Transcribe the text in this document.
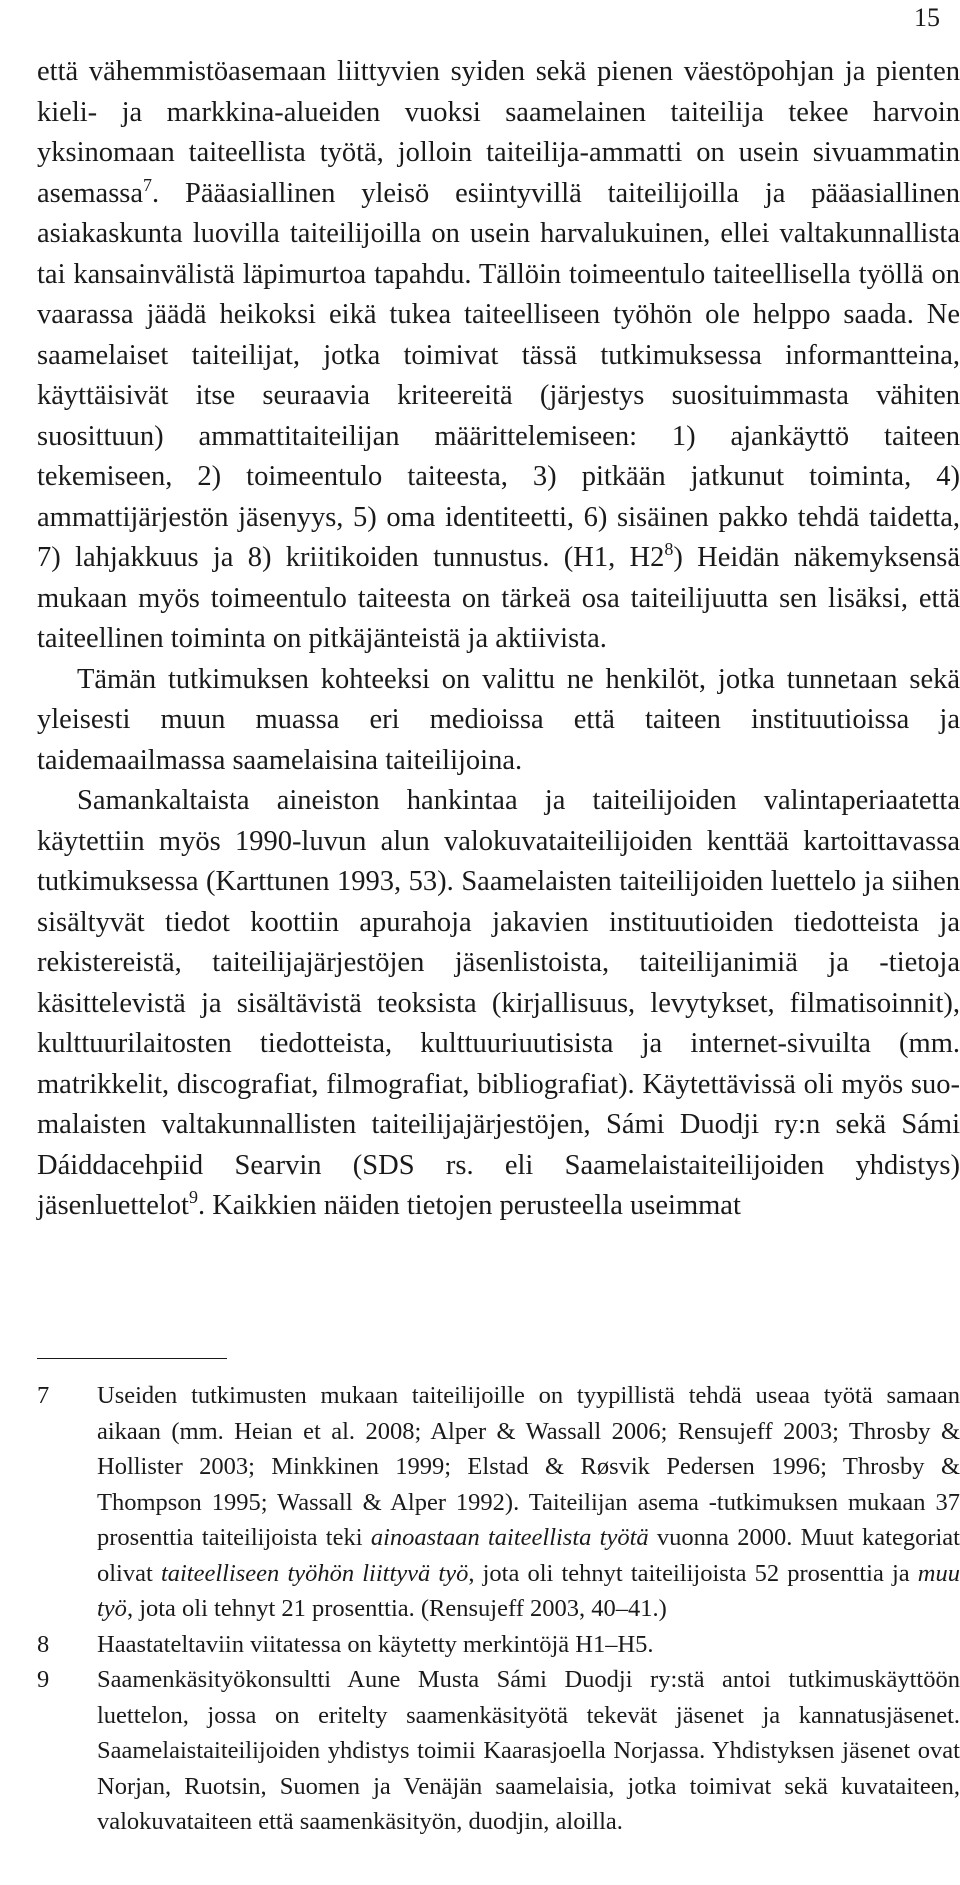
15

että vähemmistöasemaan liittyvien syiden sekä pienen väestöpohjan ja pienten kieli- ja markkina-alueiden vuoksi saamelainen taiteilija tekee harvoin yksinomaan taiteellista työtä, jolloin taiteilija-ammatti on usein sivuammatin asemassa$^7$. Pääasiallinen yleisö esiintyvillä taiteilijoilla ja pääasiallinen asiakaskunta luovilla taiteilijoilla on usein harvalukuinen, ellei valtakunnallista tai kansainvälistä läpimurtoa tapahdu. Tällöin toimeentulo taiteellisella työllä on vaarassa jäädä heikoksi eikä tukea taiteelliseen työhön ole helppo saada. Ne saamelaiset taiteilijat, jotka toimivat tässä tutkimuksessa informantteina, käyttäisivät itse seuraavia kriteereitä (järjestys suosituimmasta vähiten suosittuun) ammattitaiteilijan määrittelemiseen: 1) ajankäyttö taiteen tekemiseen, 2) toimeentulo taiteesta, 3) pitkään jatkunut toiminta, 4) ammattijärjestön jäsenyys, 5) oma identiteetti, 6) sisäinen pakko tehdä taidetta, 7) lahjakkuus ja 8) kriitikoiden tunnustus. (H1, $H2^8$) Heidän näkemyksensä mukaan myös toimeentulo taiteesta on tärkeä osa taiteilijuutta sen lisäksi, että taiteellinen toiminta on pitkäjänteistä ja aktiivista.

Tämän tutkimuksen kohteeksi on valittu ne henkilöt, jotka tunnetaan sekä yleisesti muun muassa eri medioissa että taiteen instituutioissa ja taidemaailmassa saamelaisina taiteilijoina.

Samankaltaista aineiston hankintaa ja taiteilijoiden valintaperiaatetta käytettiin myös 1990-luvun alun valokuvataiteilijoiden kenttää kartoittavassa tutkimuksessa (Karttunen 1993, 53). Saamelaisten taiteilijoiden luettelo ja siihen sisältyvät tiedot koottiin apurahoja jakavien instituutioiden tiedotteista ja rekistereistä, taiteilijajärjestöjen jäsenlistoista, taiteilijanimiä ja -tietoja käsittelevistä ja sisältävistä teoksista (kirjallisuus, levytykset, filmatisoinnit), kulttuurilaitosten tiedotteista, kulttuuriuutisista ja internet-sivuilta (mm. matrikkelit, discografiat, filmografiat, bibliografiat). Käytettävissä oli myös suomalaisten valtakunnallisten taiteilijajärjestöjen, Sámi Duodji ry:n sekä Sámi Dáiddacehpiid Searvin (SDS rs. eli Saamelaistaiteilijoiden yhdistys) jäsenluettelot$^9$. Kaikkien näiden tietojen perusteella useimmat

7	Useiden tutkimusten mukaan taiteilijoille on tyypillistä tehdä useaa työtä samaan aikaan (mm. Heian et al. 2008; Alper & Wassall 2006; Rensujeff 2003; Throsby & Hollister 2003; Minkkinen 1999; Elstad & Røsvik Pedersen 1996; Throsby & Thompson 1995; Wassall & Alper 1992). Taiteilijan asema -tutkimuksen mukaan 37 prosenttia taiteilijoista teki ainoastaan taiteellista työtä vuonna 2000. Muut kategoriat olivat taiteelliseen työhön liittyvä työ, jota oli tehnyt taiteilijoista 52 prosenttia ja muu työ, jota oli tehnyt 21 prosenttia. (Rensujeff 2003, 40–41.)
8	Haastateltaviin viitatessa on käytetty merkintöjä H1–H5.
9	Saamenkäsityökonsultti Aune Musta Sámi Duodji ry:stä antoi tutkimuskäyttöön luettelon, jossa on eritelty saamenkäsityötä tekevät jäsenet ja kannatusjäsenet. Saamelaistaiteilijoiden yhdistys toimii Kaarasjoella Norjassa. Yhdistyksen jäsenet ovat Norjan, Ruotsin, Suomen ja Venäjän saamelaisia, jotka toimivat sekä kuvataiteen, valokuvataiteen että saamenkäsityön, duodjin, aloilla.
